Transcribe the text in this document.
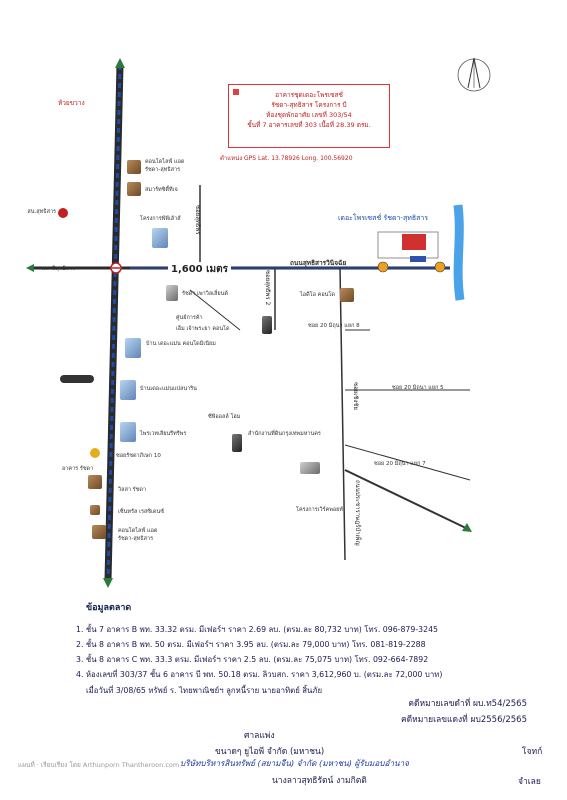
อาคารชุดเดอะโพรเซสชั่
รัชดา-สุทธิสาร โครงการ บี
ห้องชุดพักอาศัย เลขที่ 303/54
ชั้นที่ 7 อาคารเลขที่ 303 เนื้อที่ 28.39 ตรม.
ตำแหน่ง GPS Lat. 13.78926 Long. 100.56920
ห้วยขวาง
คอนโดไลฟ์ แอด
รัชดา-สุทธิสาร
สมาร์ทซิตี้ทีเจ
สน.สุทธิสาร
โครงการพีพีเฮ้าส์	ซอยสุทธิพร	เดอะโพรเซสชั่ รัชดา-สุทธิสาร
สถานีสุทธิสาร	1,600 เมตร
ถนนสุทธิสารวินิจฉัย
รัชดา เพาวิลเลี่ยนต์	ซอยสุทธิพร 2	ไอดีโอ คอนโด
ศูนย์การค้า
เอ็ม เจ้าพระยา คอนโด	ซอย 20 มิถุนา แยก 8
บ้าน เดอะแม่น คอนโดมิเนียม
บ้านเดอะแม่นแปลนาริน	ซอย 20 มิถุนา แยก 5
ซอยเชิงชัย
ซีพีออลล์ โฮม
ไพรเวทเลียนรีทรีพร	สำนักงานที่ดินกรุงเทพมหานคร
ซอยรัชดาภิเษก 10
ซอย 20 มิถุนา แยก 7
อาคาร รัชดา
วิลล่า รัชดา	ถนนประชาราษฎร์บำเพ็ญ
โครงการเวิร์คพอยท์
เซ็นทรัล เรสซิเดนซ์
คอนโดไลฟ์ แอด
รัชดา-สุทธิสาร
ข้อมูลตลาด
1. ชั้น 7 อาคาร B พท. 33.32 ตรม. มีเฟอร์ฯ ราคา 2.69 ลบ. (ตรม.ละ 80,732 บาท) โทร. 096-879-3245
2. ชั้น 8 อาคาร B พท. 50 ตรม. มีเฟอร์ฯ ราคา 3.95 ลบ. (ตรม.ละ 79,000 บาท) โทร. 081-819-2288
3. ชั้น 8 อาคาร C พท. 33.3 ตรม. มีเฟอร์ฯ ราคา 2.5 ลบ. (ตรม.ละ 75,075 บาท) โทร. 092-664-7892
4. ห้องเลขที่ 303/37 ชั้น 6 อาคาร บี พท. 50.18 ตรม. ลิวบสก. ราคา 3,612,960 บ. (ตรม.ละ 72,000 บาท)
เมื่อวันที่ 3/08/65 ทรัพย์ ร. ไทยพาณิชย์ฯ ลูกหนี้ราย นายอาทิตย์ สิ้นภัย
คดีหมายเลขดำที่ ผบ.ท54/2565
คดีหมายเลขแดงที่ ผบ2556/2565
ศาลแพ่ง
ขนาดๆ ยูไอพี จำกัด (มหาชน)
บริษัทบริหารสินทรัพย์ (สยามจีน) จำกัด (มหาชน) ผู้รับมอบอำนาจ
โจทก์
นางลาวสุทธิรัตน์ งามกิตติ	จำเลย
แผนที่ ‧ เรียบเรียง โดย Arthunporn Thantheroon.com
